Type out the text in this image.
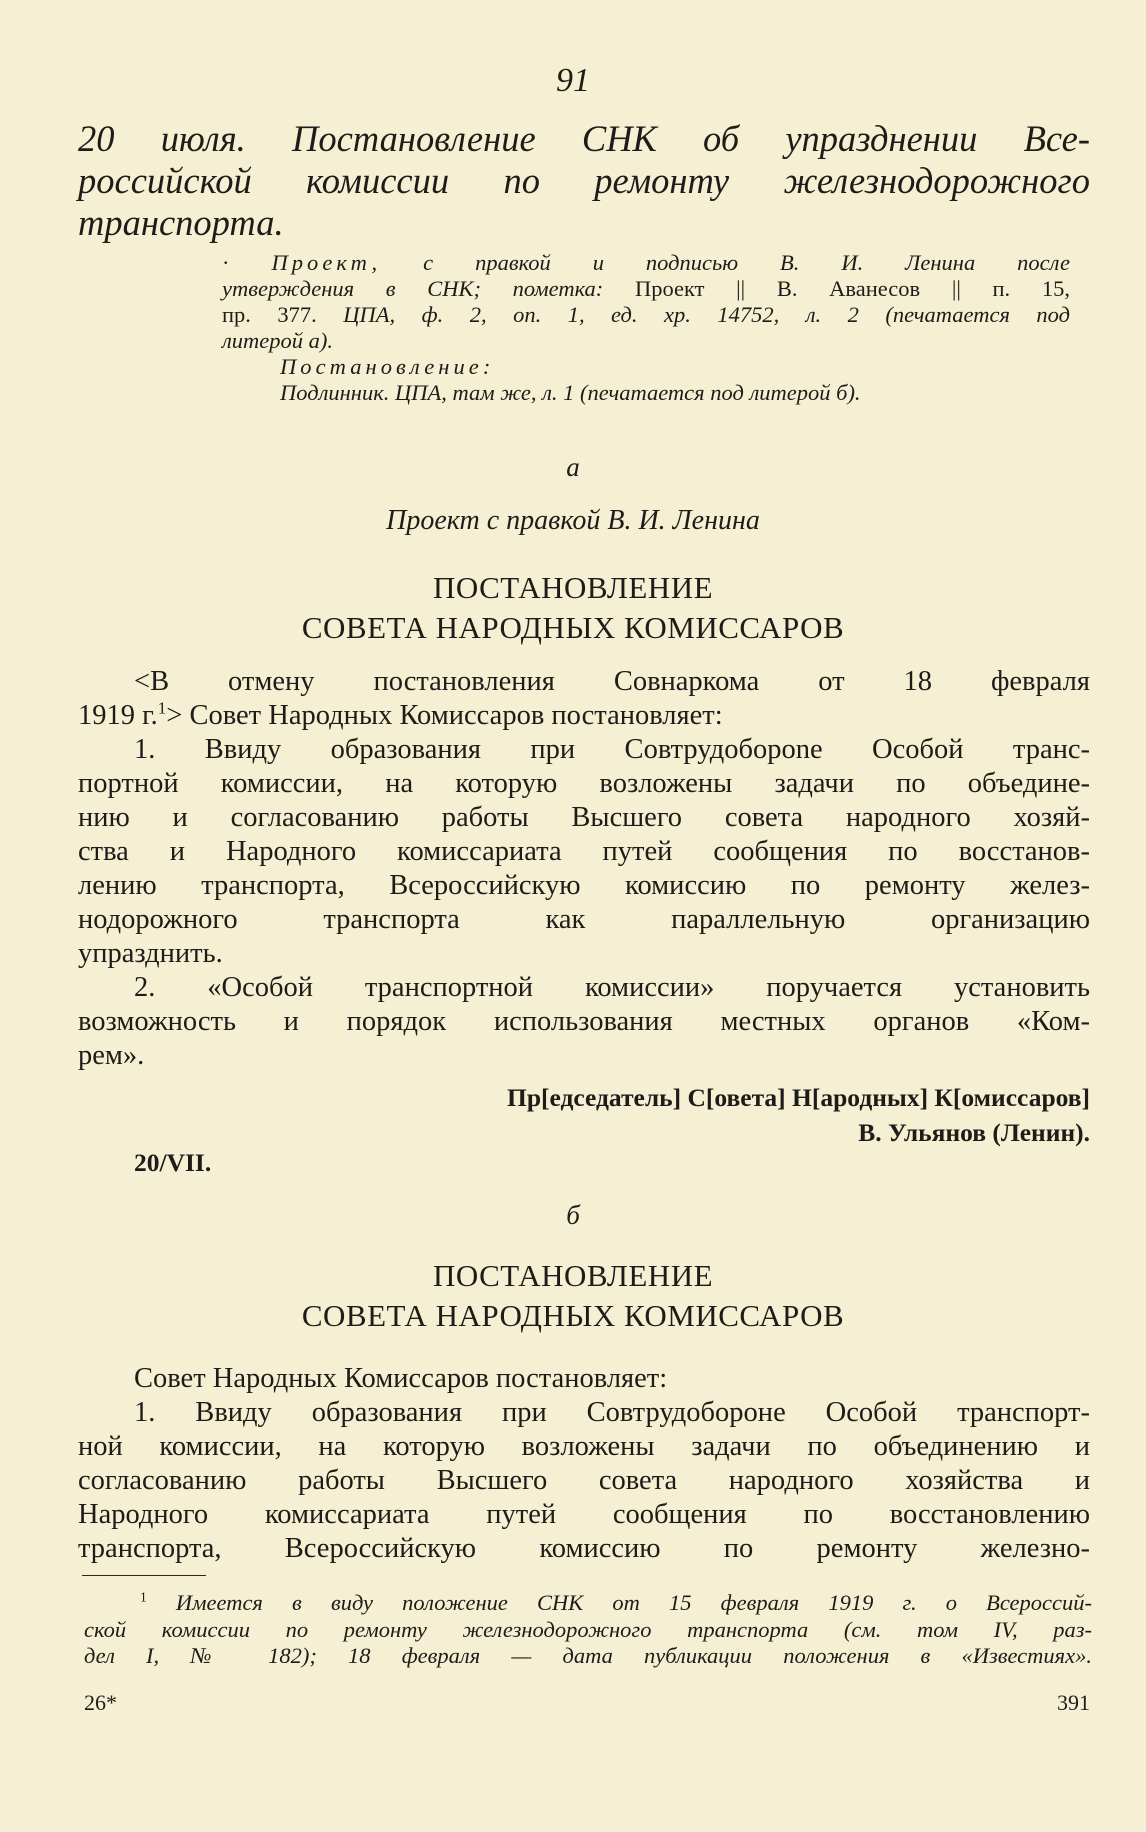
91
20 июля. Постановление СНК об упразднении Все-
российской комиссии по ремонту железнодорожного
транспорта.
· Проект, с правкой и подписью В. И. Ленина после
утверждения в СНК; пометка: Проект || В. Аванесов || п. 15,
пр. 377. ЦПА, ф. 2, оп. 1, ед. хр. 14752, л. 2 (печатается под
литерой а).
Постановление:
Подлинник. ЦПА, там же, л. 1 (печатается под литерой б).
а
Проект с правкой В. И. Ленина
ПОСТАНОВЛЕНИЕ
СОВЕТА НАРОДНЫХ КОМИССАРОВ
<В отмену постановления Совнаркома от 18 февраля
1919 г.$^1$> Совет Народных Комиссаров постановляет:
1. Ввиду образования при Совтрудоборone Особой транс-
портной комиссии, на которую возложены задачи по объедине-
нию и согласованию работы Высшего совета народного хозяй-
ства и Народного комиссариата путей сообщения по восстанов-
лению транспорта, Всероссийскую комиссию по ремонту желез-
нодорожного транспорта как параллельную организацию
упразднить.
2. «Особой транспортной комиссии» поручается установить
возможность и порядок использования местных органов «Ком-
рем».
Пр[едседатель] С[овета] Н[ародных] К[омиссаров]
В. Ульянов (Ленин).
20/VII.
б
ПОСТАНОВЛЕНИЕ
СОВЕТА НАРОДНЫХ КОМИССАРОВ
Совет Народных Комиссаров постановляет:
1. Ввиду образования при Совтрудобороне Особой транспорт-
ной комиссии, на которую возложены задачи по объединению и
согласованию работы Высшего совета народного хозяйства и
Народного комиссариата путей сообщения по восстановлению
транспорта, Всероссийскую комиссию по ремонту железно-
$^1$ Имеется в виду положение СНК от 15 февраля 1919 г. о Всероссий-
ской комиссии по ремонту железнодорожного транспорта (см. том IV, раз-
дел I, № 182); 18 февраля — дата публикации положения в «Известиях».
26*	391
